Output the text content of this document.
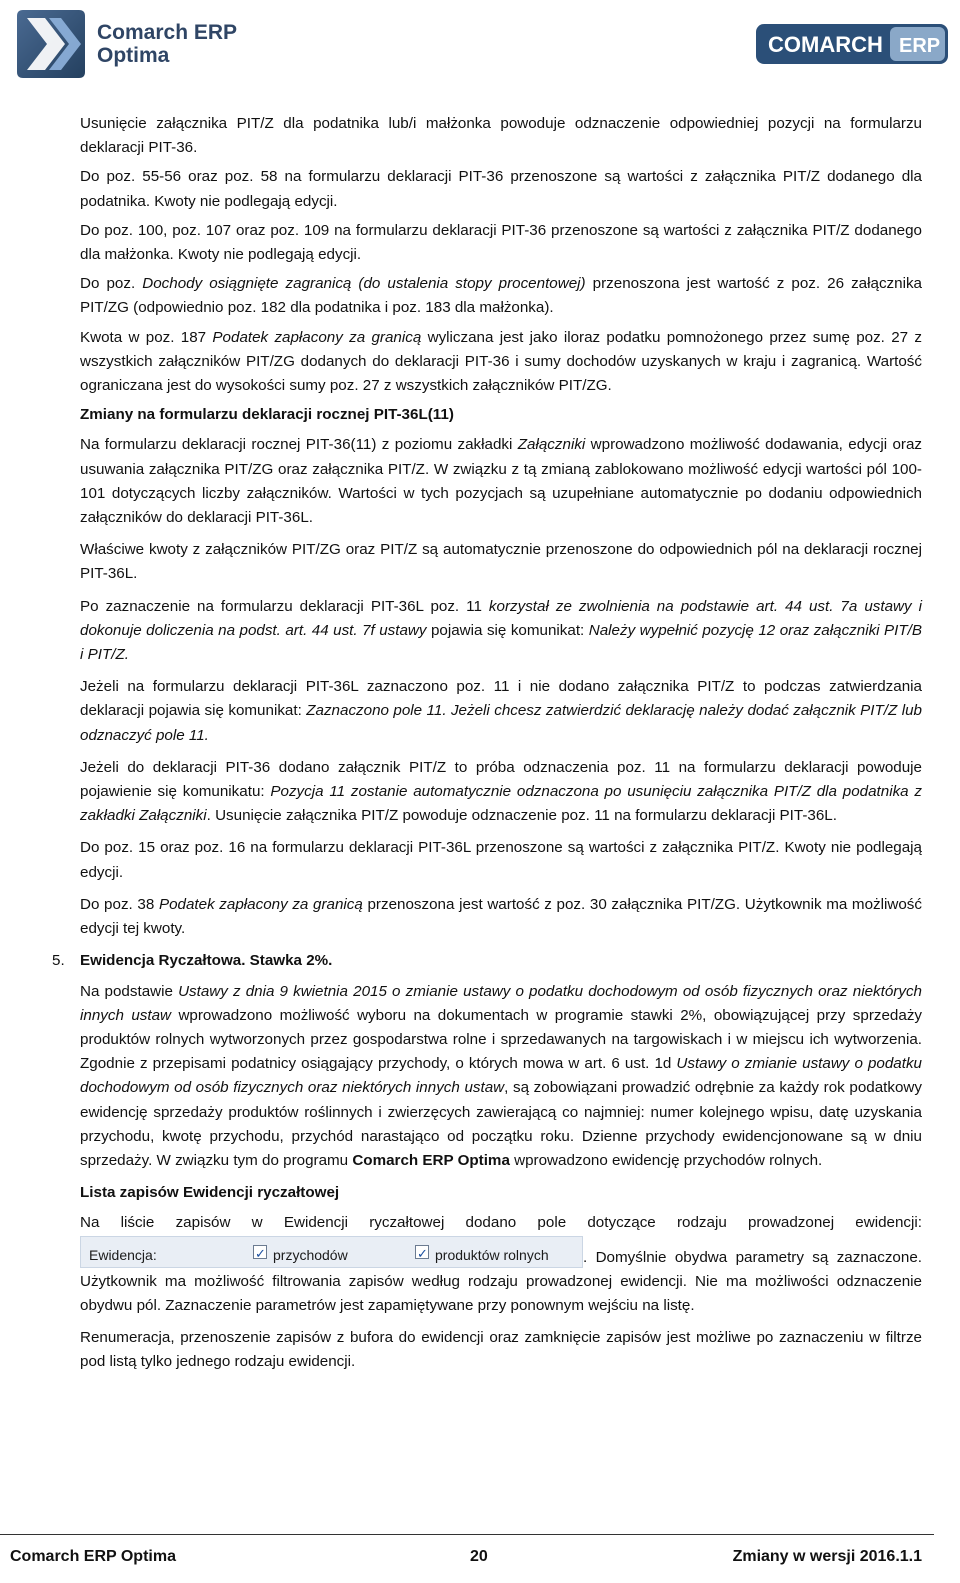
Comarch ERP
Optima	COMARCH ERP

Usunięcie załącznika PIT/Z dla podatnika lub/i małżonka powoduje odznaczenie odpowiedniej pozycji na formularzu deklaracji PIT-36.

Do poz. 55-56 oraz poz. 58 na formularzu deklaracji PIT-36 przenoszone są wartości z załącznika PIT/Z dodanego dla podatnika. Kwoty nie podlegają edycji.

Do poz. 100, poz. 107 oraz poz. 109 na formularzu deklaracji PIT-36 przenoszone są wartości z załącznika PIT/Z dodanego dla małżonka. Kwoty nie podlegają edycji.

Do poz. Dochody osiągnięte zagranicą (do ustalenia stopy procentowej) przenoszona jest wartość z poz. 26 załącznika PIT/ZG (odpowiednio poz. 182 dla podatnika i poz. 183 dla małżonka).

Kwota w poz. 187 Podatek zapłacony za granicą wyliczana jest jako iloraz podatku pomnożonego przez sumę poz. 27 z wszystkich załączników PIT/ZG dodanych do deklaracji PIT-36 i sumy dochodów uzyskanych w kraju i zagranicą. Wartość ograniczana jest do wysokości sumy poz. 27 z wszystkich załączników PIT/ZG.

Zmiany na formularzu deklaracji rocznej PIT-36L(11)

Na formularzu deklaracji rocznej PIT-36(11) z poziomu zakładki Załączniki wprowadzono możliwość dodawania, edycji oraz usuwania załącznika PIT/ZG oraz załącznika PIT/Z. W związku z tą zmianą zablokowano możliwość edycji wartości pól 100-101 dotyczących liczby załączników. Wartości w tych pozycjach są uzupełniane automatycznie po dodaniu odpowiednich załączników do deklaracji PIT-36L.

Właściwe kwoty z załączników PIT/ZG oraz PIT/Z są automatycznie przenoszone do odpowiednich pól na deklaracji rocznej PIT-36L.

Po zaznaczenie na formularzu deklaracji PIT-36L poz. 11 korzystał ze zwolnienia na podstawie art. 44 ust. 7a ustawy i dokonuje doliczenia na podst. art. 44 ust. 7f ustawy pojawia się komunikat: Należy wypełnić pozycję 12 oraz załączniki PIT/B i PIT/Z.

Jeżeli na formularzu deklaracji PIT-36L zaznaczono poz. 11 i nie dodano załącznika PIT/Z to podczas zatwierdzania deklaracji pojawia się komunikat: Zaznaczono pole 11. Jeżeli chcesz zatwierdzić deklarację należy dodać załącznik PIT/Z lub odznaczyć pole 11.

Jeżeli do deklaracji PIT-36 dodano załącznik PIT/Z to próba odznaczenia poz. 11 na formularzu deklaracji powoduje pojawienie się komunikatu: Pozycja 11 zostanie automatycznie odznaczona po usunięciu załącznika PIT/Z dla podatnika z zakładki Załączniki. Usunięcie załącznika PIT/Z powoduje odznaczenie poz. 11 na formularzu deklaracji PIT-36L.

Do poz. 15 oraz poz. 16 na formularzu deklaracji PIT-36L przenoszone są wartości z załącznika PIT/Z. Kwoty nie podlegają edycji.

Do poz. 38 Podatek zapłacony za granicą przenoszona jest wartość z poz. 30 załącznika PIT/ZG. Użytkownik ma możliwość edycji tej kwoty.

5. Ewidencja Ryczałtowa. Stawka 2%.

Na podstawie Ustawy z dnia 9 kwietnia 2015 o zmianie ustawy o podatku dochodowym od osób fizycznych oraz niektórych innych ustaw wprowadzono możliwość wyboru na dokumentach w programie stawki 2%, obowiązującej przy sprzedaży produktów rolnych wytworzonych przez gospodarstwa rolne i sprzedawanych na targowiskach i w miejscu ich wytworzenia. Zgodnie z przepisami podatnicy osiągający przychody, o których mowa w art. 6 ust. 1d Ustawy o zmianie ustawy o podatku dochodowym od osób fizycznych oraz niektórych innych ustaw, są zobowiązani prowadzić odrębnie za każdy rok podatkowy ewidencję sprzedaży produktów roślinnych i zwierzęcych zawierającą co najmniej: numer kolejnego wpisu, datę uzyskania przychodu, kwotę przychodu, przychód narastająco od początku roku. Dzienne przychody ewidencjonowane są w dniu sprzedaży. W związku tym do programu Comarch ERP Optima wprowadzono ewidencję przychodów rolnych.

Lista zapisów Ewidencji ryczałtowej

Na liście zapisów w Ewidencji ryczałtowej dodano pole dotyczące rodzaju prowadzonej ewidencji:
Ewidencja: ✓	przychodów ✓	produktów rolnych . Domyślnie obydwa parametry są zaznaczone. Użytkownik ma możliwość filtrowania zapisów według rodzaju prowadzonej ewidencji. Nie ma możliwości odznaczenie obydwu pól. Zaznaczenie parametrów jest zapamiętywane przy ponownym wejściu na listę.

Renumeracja, przenoszenie zapisów z bufora do ewidencji oraz zamknięcie zapisów jest możliwe po zaznaczeniu w filtrze pod listą tylko jednego rodzaju ewidencji.

Comarch ERP Optima	20	Zmiany w wersji 2016.1.1
